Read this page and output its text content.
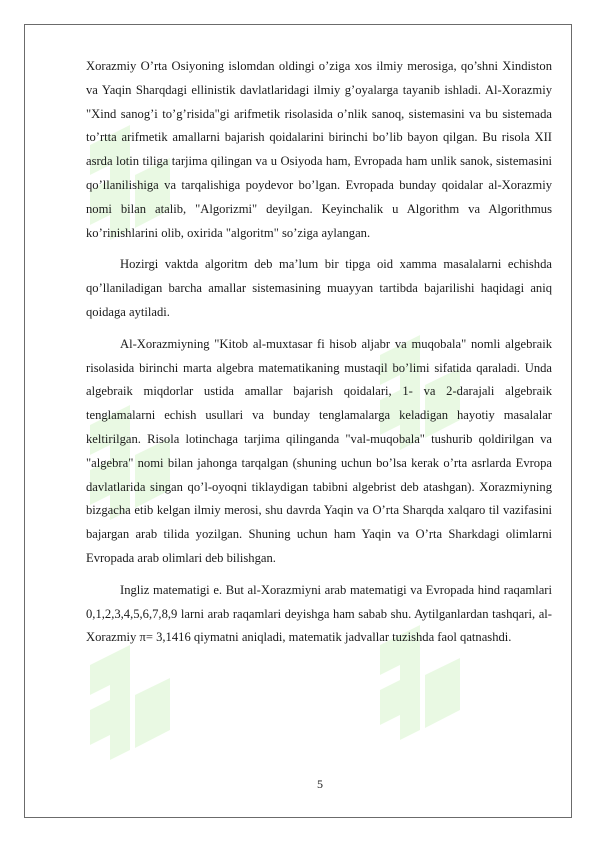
Xorazmiy O’rta Osiyoning islomdan oldingi o’ziga xos ilmiy merosiga, qo’shni Xindiston va Yaqin Sharqdagi ellinistik davlatlaridagi ilmiy g’oyalarga tayanib ishladi. Al-Xorazmiy "Xind sanog’i to’g’risida"gi arifmetik risolasida o’nlik sanoq, sistemasini va bu sistemada to’rtta arifmetik amallarni bajarish qoidalarini birinchi bo’lib bayon qilgan. Bu risola XII asrda lotin tiliga tarjima qilingan va u Osiyoda ham, Evropada ham unlik sanok, sistemasini qo’llanilishiga va tarqalishiga poydevor bo’lgan. Evropada bunday qoidalar al-Xorazmiy nomi bilan atalib, "Algorizmi" deyilgan. Keyinchalik u Algorithm va Algorithmus ko’rinishlarini olib, oxirida "algoritm" so’ziga aylangan.

Hozirgi vaktda algoritm deb ma’lum bir tipga oid xamma masalalarni echishda qo’llaniladigan barcha amallar sistemasining muayyan tartibda bajarilishi haqidagi aniq qoidaga aytiladi.

Al-Xorazmiyning "Kitob al-muxtasar fi hisob aljabr va muqobala" nomli algebraik risolasida birinchi marta algebra matematikaning mustaqil bo’limi sifatida qaraladi. Unda algebraik miqdorlar ustida amallar bajarish qoidalari, 1- va 2-darajali algebraik tenglamalarni echish usullari va bunday tenglamalarga keladigan hayotiy masalalar keltirilgan. Risola lotinchaga tarjima qilinganda "val-muqobala" tushurib qoldirilgan va "algebra" nomi bilan jahonga tarqalgan (shuning uchun bo’lsa kerak o’rta asrlarda Evropa davlatlarida singan qo’l-oyoqni tiklaydigan tabibni algebrist deb atashgan). Xorazmiyning bizgacha etib kelgan ilmiy merosi, shu davrda Yaqin va O’rta Sharqda xalqaro til vazifasini bajargan arab tilida yozilgan. Shuning uchun ham Yaqin va O’rta Sharkdagi olimlarni Evropada arab olimlari deb bilishgan.

Ingliz matematigi e. But al-Xorazmiyni arab matematigi va Evropada hind raqamlari 0,1,2,3,4,5,6,7,8,9 larni arab raqamlari deyishga ham sabab shu. Aytilganlardan tashqari, al-Xorazmiy π= 3,1416 qiymatni aniqladi, matematik jadvallar tuzishda faol qatnashdi.

5
